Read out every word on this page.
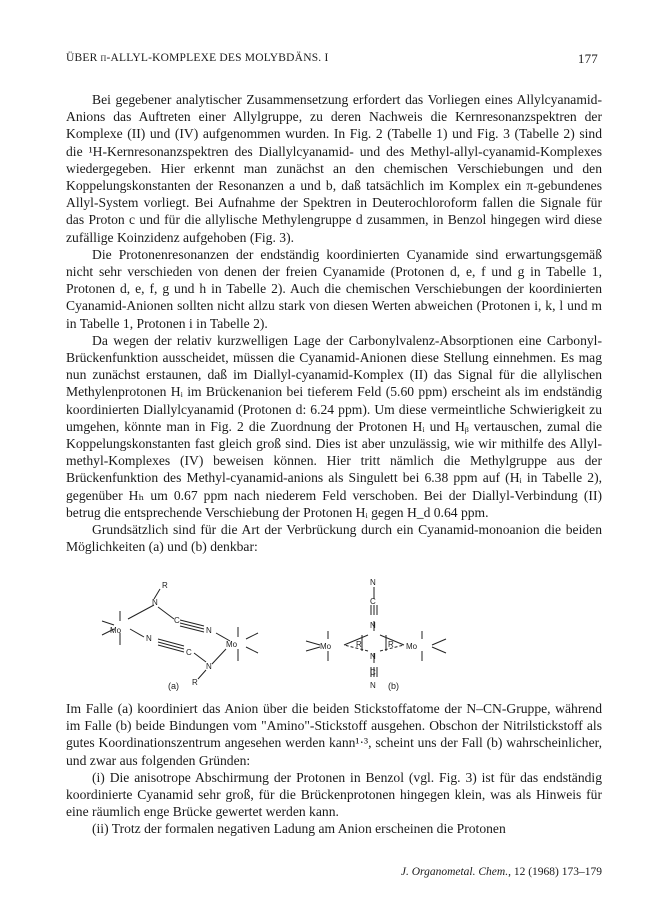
ÜBER π-ALLYL-KOMPLEXE DES MOLYBDÄNS. I	177

Bei gegebener analytischer Zusammensetzung erfordert das Vorliegen eines Allylcyanamid-Anions das Auftreten einer Allylgruppe, zu deren Nachweis die Kernresonanzspektren der Komplexe (II) und (IV) aufgenommen wurden. In Fig. 2 (Tabelle 1) und Fig. 3 (Tabelle 2) sind die ¹H-Kernresonanzspektren des Diallylcyanamid- und des Methyl-allyl-cyanamid-Komplexes wiedergegeben. Hier erkennt man zunächst an den chemischen Verschiebungen und den Koppelungskonstanten der Resonanzen a und b, daß tatsächlich im Komplex ein π-gebundenes Allyl-System vorliegt. Bei Aufnahme der Spektren in Deuterochloroform fallen die Signale für das Proton c und für die allylische Methylengruppe d zusammen, in Benzol hingegen wird diese zufällige Koinzidenz aufgehoben (Fig. 3).

Die Protonenresonanzen der endständig koordinierten Cyanamide sind erwartungsgemäß nicht sehr verschieden von denen der freien Cyanamide (Protonen d, e, f und g in Tabelle 1, Protonen d, e, f, g und h in Tabelle 2). Auch die chemischen Verschiebungen der koordinierten Cyanamid-Anionen sollten nicht allzu stark von diesen Werten abweichen (Protonen i, k, l und m in Tabelle 1, Protonen i in Tabelle 2).

Da wegen der relativ kurzwelligen Lage der Carbonylvalenz-Absorptionen eine Carbonyl-Brückenfunktion ausscheidet, müssen die Cyanamid-Anionen diese Stellung einnehmen. Es mag nun zunächst erstaunen, daß im Diallyl-cyanamid-Komplex (II) das Signal für die allylischen Methylenprotonen Hᵢ im Brückenanion bei tieferem Feld (5.60 ppm) erscheint als im endständig koordinierten Diallylcyanamid (Protonen d: 6.24 ppm). Um diese vermeintliche Schwierigkeit zu umgehen, könnte man in Fig. 2 die Zuordnung der Protonen Hᵢ und Hᵦ vertauschen, zumal die Koppelungskonstanten fast gleich groß sind. Dies ist aber unzulässig, wie wir mithilfe des Allyl-methyl-Komplexes (IV) beweisen können. Hier tritt nämlich die Methylgruppe aus der Brückenfunktion des Methyl-cyanamid-anions als Singulett bei 6.38 ppm auf (Hᵢ in Tabelle 2), gegenüber Hₕ um 0.67 ppm nach niederem Feld verschoben. Bei der Diallyl-Verbindung (II) betrug die entsprechende Verschiebung der Protonen Hᵢ gegen H_d 0.64 ppm.

Grundsätzlich sind für die Art der Verbrückung durch ein Cyanamid-monoanion die beiden Möglichkeiten (a) und (b) denkbar:

R
N
C
N
Mo
N
C
Mo
N
R
N
C
N
Mo	R	R Mo
N
C
N
(a)	(b)

Im Falle (a) koordiniert das Anion über die beiden Stickstoffatome der N–CN-Gruppe, während im Falle (b) beide Bindungen vom "Amino"-Stickstoff ausgehen. Obschon der Nitrilstickstoff als gutes Koordinationszentrum angesehen werden kann¹·³, scheint uns der Fall (b) wahrscheinlicher, und zwar aus folgenden Gründen:

(i) Die anisotrope Abschirmung der Protonen in Benzol (vgl. Fig. 3) ist für das endständig koordinierte Cyanamid sehr groß, für die Brückenprotonen hingegen klein, was als Hinweis für eine räumlich enge Brücke gewertet werden kann.

(ii) Trotz der formalen negativen Ladung am Anion erscheinen die Protonen

J. Organometal. Chem., 12 (1968) 173–179
